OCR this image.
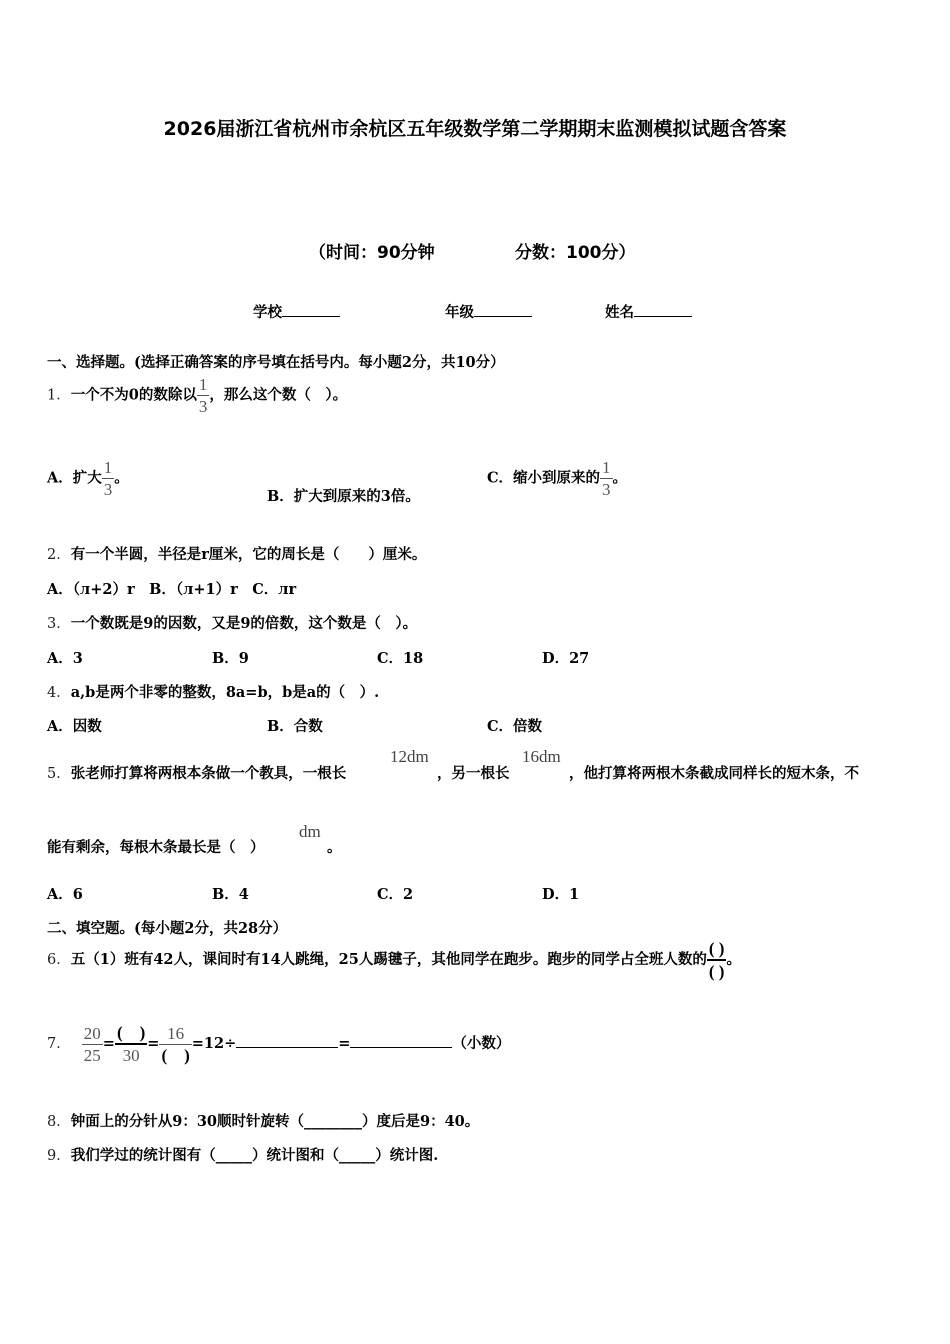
2026届浙江省杭州市余杭区五年级数学第二学期期末监测模拟试题含答案
（时间：90分钟	分数：100分）
学校	年级	姓名
一、选择题。(选择正确答案的序号填在括号内。每小题2分，共10分）
1．一个不为0的数除以 $\frac{1}{3}$ ，那么这个数（　）。
A．扩大 $\frac{1}{3}$ 。
B．扩大到原来的3倍。
C．缩小到原来的 $\frac{1}{3}$ 。
2．有一个半圆，半径是r厘米，它的周长是（　　）厘米。
A．（л+2）r　B．（л+1）r　C．лr
3．一个数既是9的因数，又是9的倍数，这个数是（　）。
A．3	B．9	C．18	D．27
4．a,b是两个非零的整数，8a=b，b是a的（　）.
A．因数	B．合数	C．倍数
5．张老师打算将两根本条做一个教具，一根长
12dm
，另一根长
16dm
，他打算将两根木条截成同样长的短木条，不
能有剩余，每根木条最长是（　）
dm
。
A．6	B．4	C．2	D．1
二、填空题。(每小题2分，共28分）
6．五（1）班有42人，课间时有14人跳绳，25人踢毽子，其他同学在跑步。跑步的同学占全班人数的 $\frac{( )}{( )}$ 。
7． $\frac{20}{25} = \frac{( )}{30} = \frac{16}{( )} =12\div$	=	（小数）
8．钟面上的分针从9：30顺时针旋转（________）度后是9：40。
9．我们学过的统计图有（_____）统计图和（_____）统计图.
